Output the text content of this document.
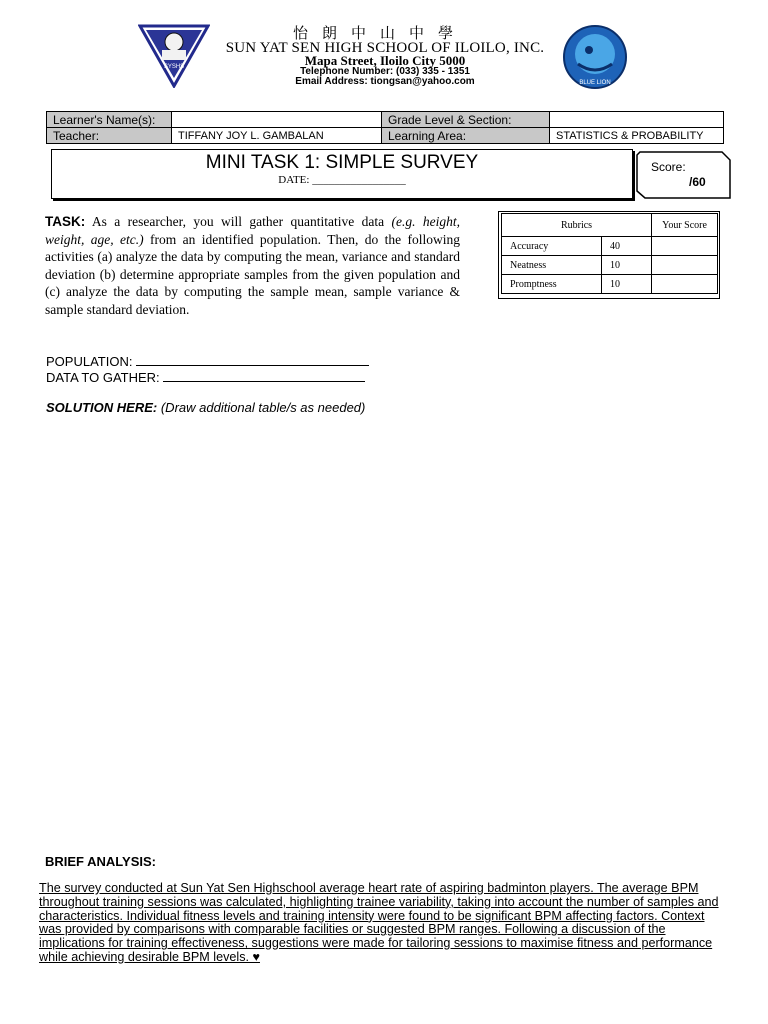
SYSHS
怡朗中山中學
SUN YAT SEN HIGH SCHOOL OF ILOILO, INC.
Mapa Street, Iloilo City 5000
Telephone Number: (033) 335 - 1351
Email Address: tiongsan@yahoo.com	BLUE LION
Learner's Name(s):		Grade Level & Section:	
Teacher:	TIFFANY JOY L. GAMBALAN	Learning Area:	STATISTICS & PROBABILITY
MINI TASK 1: SIMPLE SURVEY
DATE: _________________
Score:
/60
TASK: As a researcher, you will gather quantitative data (e.g. height, weight, age, etc.) from an identified population. Then, do the following activities (a) analyze the data by computing the mean, variance and standard deviation (b) determine appropriate samples from the given population and (c) analyze the data by computing the sample mean, sample variance & sample standard deviation.
Rubrics		Your Score
Accuracy	40	
Neatness	10	
Promptness	10	
POPULATION:
DATA TO GATHER:
SOLUTION HERE: (Draw additional table/s as needed)
BRIEF ANALYSIS:
The survey conducted at Sun Yat Sen Highschool average heart rate of aspiring badminton players. The average BPM throughout training sessions was calculated, highlighting trainee variability, taking into account the number of samples and characteristics. Individual fitness levels and training intensity were found to be significant BPM affecting factors. Context was provided by comparisons with comparable facilities or suggested BPM ranges. Following a discussion of the implications for training effectiveness, suggestions were made for tailoring sessions to maximise fitness and performance while achieving desirable BPM levels. ♥
